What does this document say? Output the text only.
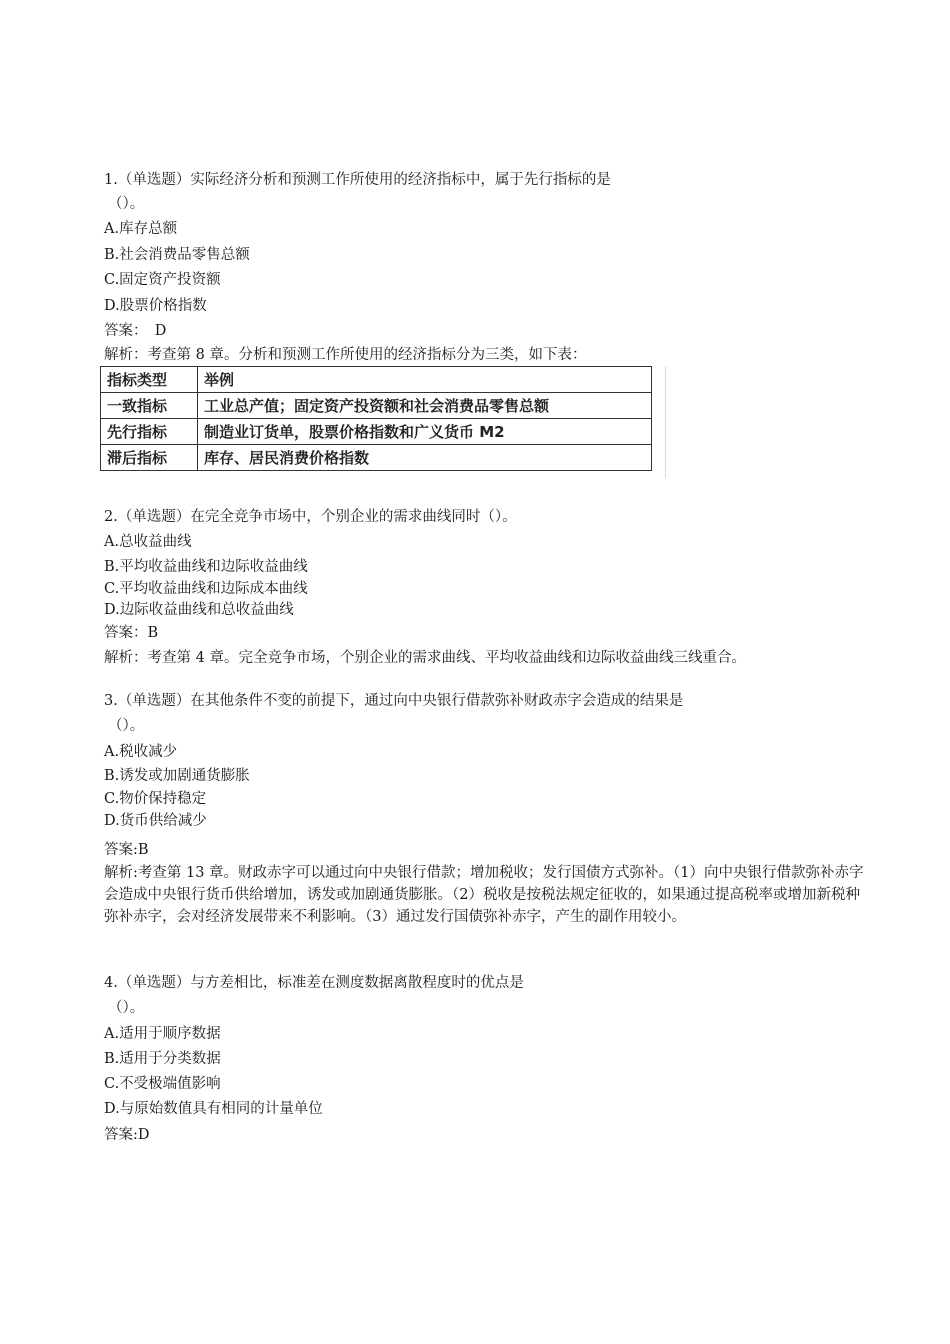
1.（单选题）实际经济分析和预测工作所使用的经济指标中，属于先行指标的是
（）。
A.库存总额
B.社会消费品零售总额
C.固定资产投资额
D.股票价格指数
答案：　D
解析：考查第 8 章。分析和预测工作所使用的经济指标分为三类，如下表：
指标类型	举例
一致指标	工业总产值；固定资产投资额和社会消费品零售总额
先行指标	制造业订货单，股票价格指数和广义货币 M2
滞后指标	库存、居民消费价格指数
2.（单选题）在完全竞争市场中，个别企业的需求曲线同时（）。
A.总收益曲线
B.平均收益曲线和边际收益曲线
C.平均收益曲线和边际成本曲线
D.边际收益曲线和总收益曲线
答案：B
解析：考查第 4 章。完全竞争市场，个别企业的需求曲线、平均收益曲线和边际收益曲线三线重合。
3.（单选题）在其他条件不变的前提下，通过向中央银行借款弥补财政赤字会造成的结果是
（）。
A.税收减少
B.诱发或加剧通货膨胀
C.物价保持稳定
D.货币供给减少
答案:B
解析:考查第 13 章。财政赤字可以通过向中央银行借款；增加税收；发行国债方式弥补。（1）向中央银行借款弥补赤字会造成中央银行货币供给增加，诱发或加剧通货膨胀。（2）税收是按税法规定征收的，如果通过提高税率或增加新税种弥补赤字，会对经济发展带来不利影响。（3）通过发行国债弥补赤字，产生的副作用较小。
4.（单选题）与方差相比，标准差在测度数据离散程度时的优点是
（）。
A.适用于顺序数据
B.适用于分类数据
C.不受极端值影响
D.与原始数值具有相同的计量单位
答案:D
